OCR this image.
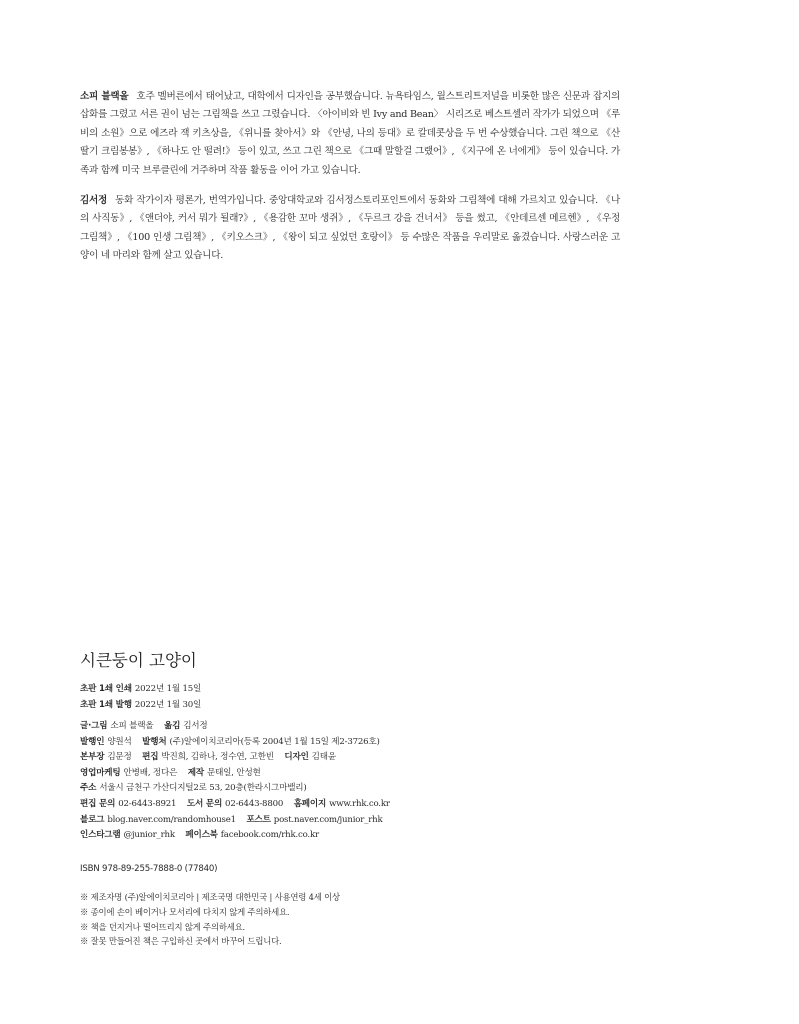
소피 블랙올 호주 멜버른에서 태어났고, 대학에서 디자인을 공부했습니다. 뉴욕타임스, 월스트리트저널을 비롯한 많은 신문과 잡지의 삽화를 그렸고 서른 권이 넘는 그림책을 쓰고 그렸습니다. 〈아이비와 빈 Ivy and Bean〉 시리즈로 베스트셀러 작가가 되었으며 《루비의 소원》으로 에즈라 잭 키츠상을, 《위니를 찾아서》와 《안녕, 나의 등대》로 칼데콧상을 두 번 수상했습니다. 그린 책으로 《산딸기 크림봉봉》, 《하나도 안 떨려!》 등이 있고, 쓰고 그린 책으로 《그때 말할걸 그랬어》, 《지구에 온 너에게》 등이 있습니다. 가족과 함께 미국 브루클린에 거주하며 작품 활동을 이어 가고 있습니다.

김서정 동화 작가이자 평론가, 번역가입니다. 중앙대학교와 김서정스토리포인트에서 동화와 그림책에 대해 가르치고 있습니다. 《나의 사직동》, 《앤더야, 커서 뭐가 될래?》, 《용감한 꼬마 생쥐》, 《두르크 강을 건너서》 등을 썼고, 《안데르센 메르헨》, 《우정 그림책》, 《100 인생 그림책》, 《키오스크》, 《왕이 되고 싶었던 호랑이》 등 수많은 작품을 우리말로 옮겼습니다. 사랑스러운 고양이 네 마리와 함께 살고 있습니다.

시큰둥이 고양이
초판 1쇄 인쇄 2022년 1월 15일
초판 1쇄 발행 2022년 1월 30일
글·그림 소피 블랙올 옮김 김서정
발행인 양원석 발행처 (주)알에이치코리아(등록 2004년 1월 15일 제2-3726호)
본부장 김문정 편집 박진희, 김하나, 정수연, 고한빈 디자인 김태윤
영업마케팅 안병배, 정다은 제작 문태일, 안성현
주소 서울시 금천구 가산디지털2로 53, 20층(한라시그마밸리)
편집 문의 02-6443-8921 도서 문의 02-6443-8800 홈페이지 www.rhk.co.kr
블로그 blog.naver.com/randomhouse1 포스트 post.naver.com/junior_rhk
인스타그램 @junior_rhk 페이스북 facebook.com/rhk.co.kr
ISBN 978-89-255-7888-0 (77840)
※ 제조자명 (주)알에이치코리아 | 제조국명 대한민국 | 사용연령 4세 이상
※ 종이에 손이 베이거나 모서리에 다치지 않게 주의하세요.
※ 책을 던지거나 떨어뜨리지 않게 주의하세요.
※ 잘못 만들어진 책은 구입하신 곳에서 바꾸어 드립니다.
